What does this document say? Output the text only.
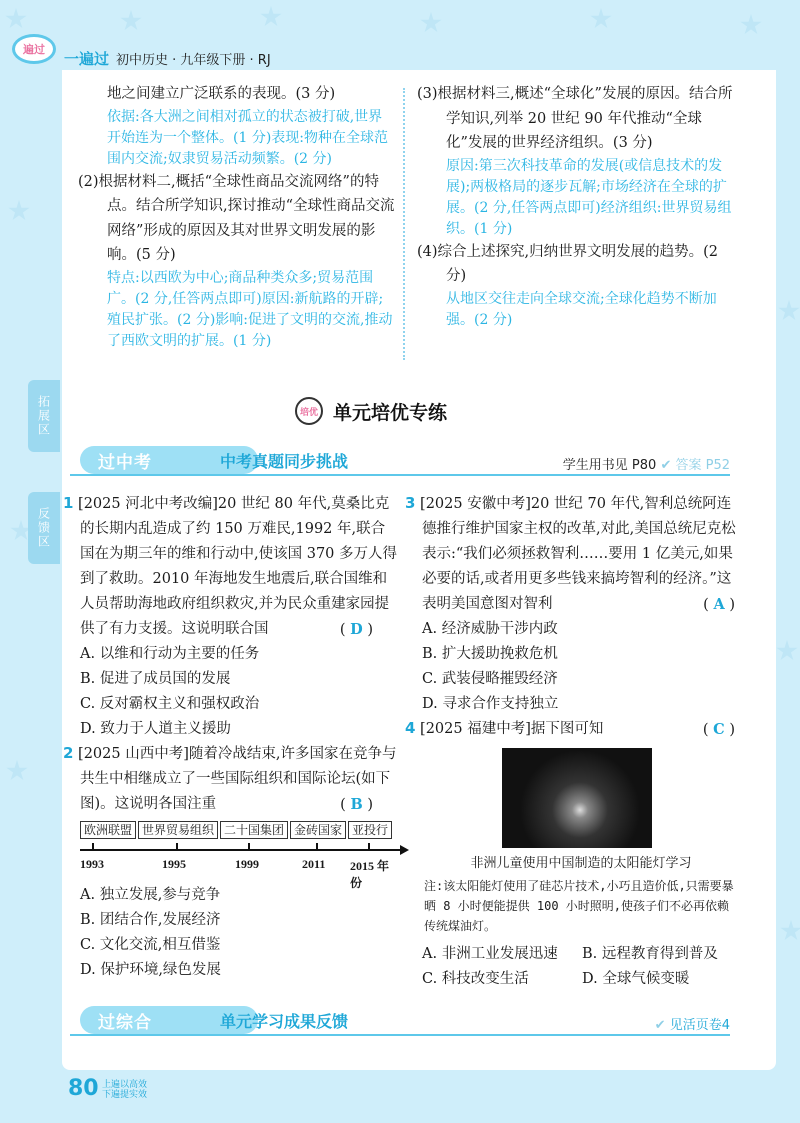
遍过
一遍过 初中历史 · 九年级下册 · RJ
拓展区
反馈区
地之间建立广泛联系的表现。(3 分)
依据:各大洲之间相对孤立的状态被打破,世界开始连为一个整体。(1 分)表现:物种在全球范围内交流;奴隶贸易活动频繁。(2 分)
(2)根据材料二,概括“全球性商品交流网络”的特点。结合所学知识,探讨推动“全球性商品交流网络”形成的原因及其对世界文明发展的影响。(5 分)
特点:以西欧为中心;商品种类众多;贸易范围广。(2 分,任答两点即可)原因:新航路的开辟;殖民扩张。(2 分)影响:促进了文明的交流,推动了西欧文明的扩展。(1 分)
(3)根据材料三,概述“全球化”发展的原因。结合所学知识,列举 20 世纪 90 年代推动“全球化”发展的世界经济组织。(3 分)
原因:第三次科技革命的发展(或信息技术的发展);两极格局的逐步瓦解;市场经济在全球的扩展。(2 分,任答两点即可)经济组织:世界贸易组织。(1 分)
(4)综合上述探究,归纳世界文明发展的趋势。(2 分)
从地区交往走向全球交流;全球化趋势不断加强。(2 分)
培优 单元培优专练
过中考	中考真题同步挑战	学生用书见 P80 ✔ 答案 P52
1 [2025 河北中考改编]20 世纪 80 年代,莫桑比克的长期内乱造成了约 150 万难民,1992 年,联合国在为期三年的维和行动中,使该国 370 多万人得到了救助。2010 年海地发生地震后,联合国维和人员帮助海地政府组织救灾,并为民众重建家园提供了有力支援。这说明联合国	( D )
A. 以维和行动为主要的任务
B. 促进了成员国的发展
C. 反对霸权主义和强权政治
D. 致力于人道主义援助
2 [2025 山西中考]随着冷战结束,许多国家在竞争与共生中相继成立了一些国际组织和国际论坛(如下图)。这说明各国注重	( B )
欧洲联盟 世界贸易组织 二十国集团 金砖国家 亚投行
1993	1995	1999	2011 2015 年份
A. 独立发展,参与竞争
B. 团结合作,发展经济
C. 文化交流,相互借鉴
D. 保护环境,绿色发展
3 [2025 安徽中考]20 世纪 70 年代,智利总统阿连德推行维护国家主权的改革,对此,美国总统尼克松表示:“我们必须拯救智利……要用 1 亿美元,如果必要的话,或者用更多些钱来搞垮智利的经济。”这表明美国意图对智利	( A )
A. 经济威胁干涉内政
B. 扩大援助挽救危机
C. 武装侵略摧毁经济
D. 寻求合作支持独立
4 [2025 福建中考]据下图可知	( C )
非洲儿童使用中国制造的太阳能灯学习
注:该太阳能灯使用了硅芯片技术,小巧且造价低,只需要暴晒 8 小时便能提供 100 小时照明,使孩子们不必再依赖传统煤油灯。
A. 非洲工业发展迅速	B. 远程教育得到普及
C. 科技改变生活	D. 全球气候变暖
过综合	单元学习成果反馈	✔ 见活页卷4
80 上遍以高效
下遍提实效
